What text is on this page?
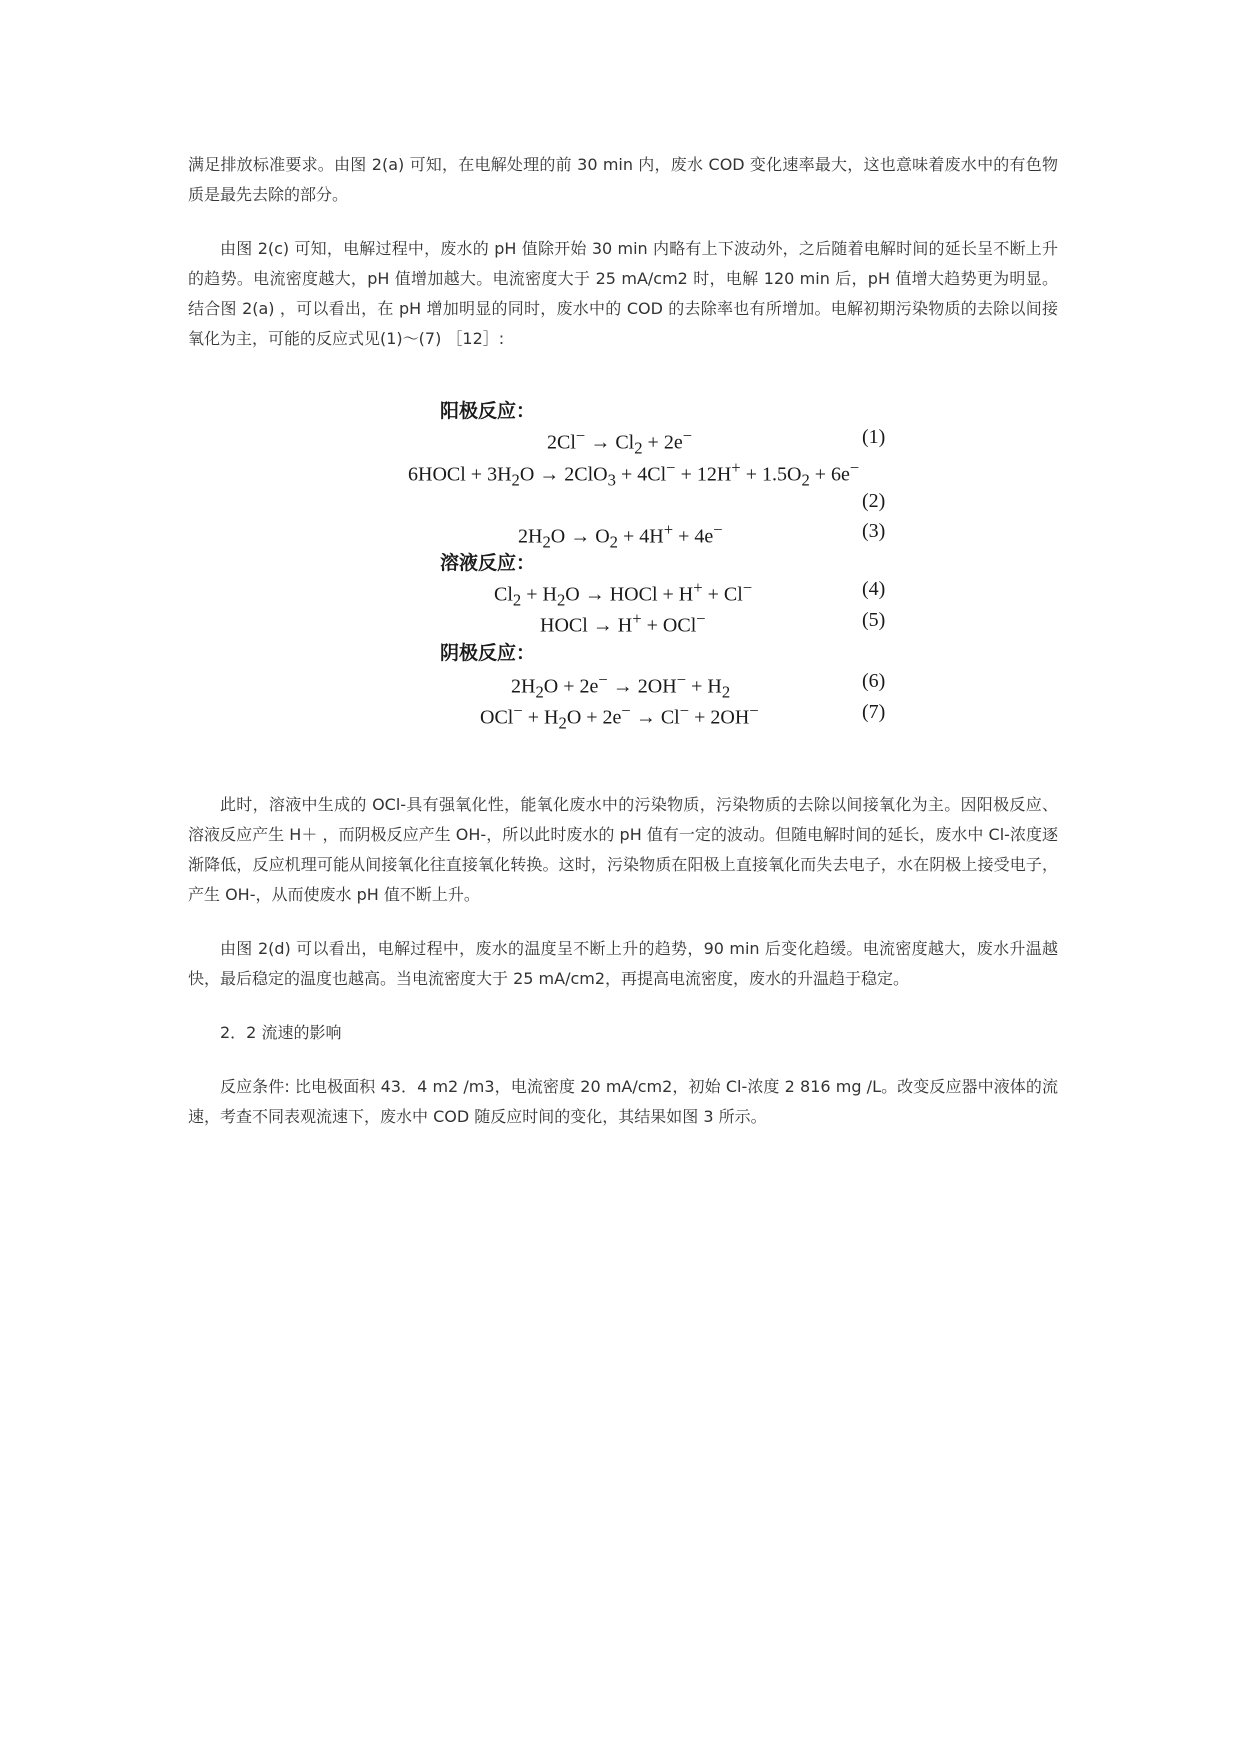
满足排放标准要求。由图 2(a) 可知，在电解处理的前 30 min 内，废水 COD 变化速率最大，这也意味着废水中的有色物质是最先去除的部分。

由图 2(c) 可知，电解过程中，废水的 pH 值除开始 30 min 内略有上下波动外，之后随着电解时间的延长呈不断上升的趋势。电流密度越大，pH 值增加越大。电流密度大于 25 mA/cm2 时，电解 120 min 后，pH 值增大趋势更为明显。结合图 2(a) ，可以看出，在 pH 增加明显的同时，废水中的 COD 的去除率也有所增加。电解初期污染物质的去除以间接氧化为主，可能的反应式见(1)～(7) ［12］:

阳极反应：
$2Cl^- \to Cl_2 + 2e^-$	(1)
6HOCl + $3H_2O \to 2ClO_3 + 4Cl^- + 12H^+ + 1.5O_2 + 6e^-$
(2)
$2H_2O \to O_2 + 4H^+ + 4e^-$	(3)
溶液反应：
$Cl_2 + H_2O$ → HOCl + H+ + Cl−	(4)
HOCl → H+ + OCl−	(5)
阴极反应：
$2H_2O + 2e^- \to 2OH^- + H_2$
(6)
$OCl^- + H_2O + 2e^- \to Cl^- + 2OH^-$	(7)

此时，溶液中生成的 OCl-具有强氧化性，能氧化废水中的污染物质，污染物质的去除以间接氧化为主。因阳极反应、溶液反应产生 H＋ ，而阴极反应产生 OH-，所以此时废水的 pH 值有一定的波动。但随电解时间的延长，废水中 Cl-浓度逐渐降低，反应机理可能从间接氧化往直接氧化转换。这时，污染物质在阳极上直接氧化而失去电子，水在阴极上接受电子，产生 OH-，从而使废水 pH 值不断上升。

由图 2(d) 可以看出，电解过程中，废水的温度呈不断上升的趋势，90 min 后变化趋缓。电流密度越大，废水升温越快，最后稳定的温度也越高。当电流密度大于 25 mA/cm2，再提高电流密度，废水的升温趋于稳定。

2．2 流速的影响

反应条件: 比电极面积 43．4 m2 /m3，电流密度 20 mA/cm2，初始 Cl-浓度 2 816 mg /L。改变反应器中液体的流速，考查不同表观流速下，废水中 COD 随反应时间的变化，其结果如图 3 所示。
